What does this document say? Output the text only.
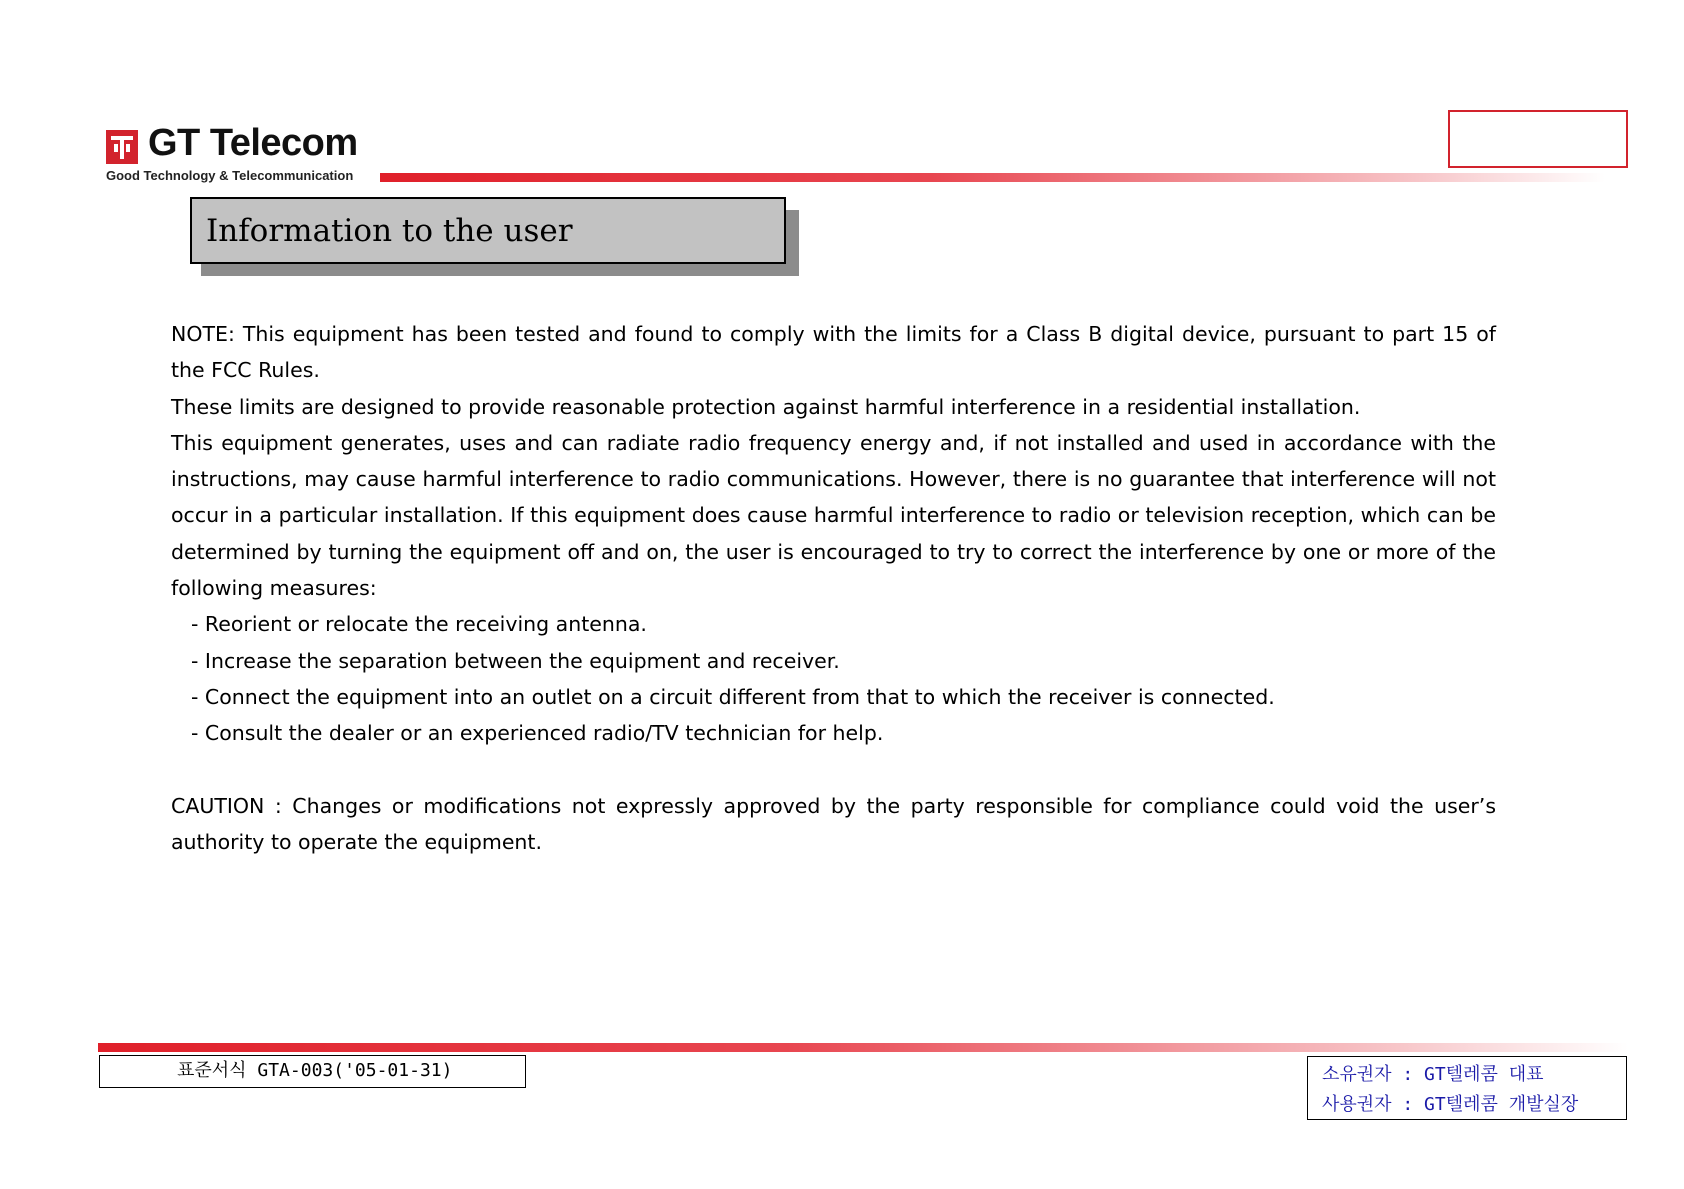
GT Telecom
Good Technology & Telecommunication
Information to the user

NOTE: This equipment has been tested and found to comply with the limits for a Class B digital device, pursuant to part 15 of the FCC Rules.

These limits are designed to provide reasonable protection against harmful interference in a residential installation.

This equipment generates, uses and can radiate radio frequency energy and, if not installed and used in accordance with the instructions, may cause harmful interference to radio communications. However, there is no guarantee that interference will not occur in a particular installation. If this equipment does cause harmful interference to radio or television reception, which can be determined by turning the equipment off and on, the user is encouraged to try to correct the interference by one or more of the following measures:

- Reorient or relocate the receiving antenna.

- Increase the separation between the equipment and receiver.

- Connect the equipment into an outlet on a circuit different from that to which the receiver is connected.

- Consult the dealer or an experienced radio/TV technician for help.

CAUTION : Changes or modifications not expressly approved by the party responsible for compliance could void the user’s authority to operate the equipment.

표준서식 GTA-003('05-01-31)	소유권자 : GT텔레콤 대표
사용권자 : GT텔레콤 개발실장
